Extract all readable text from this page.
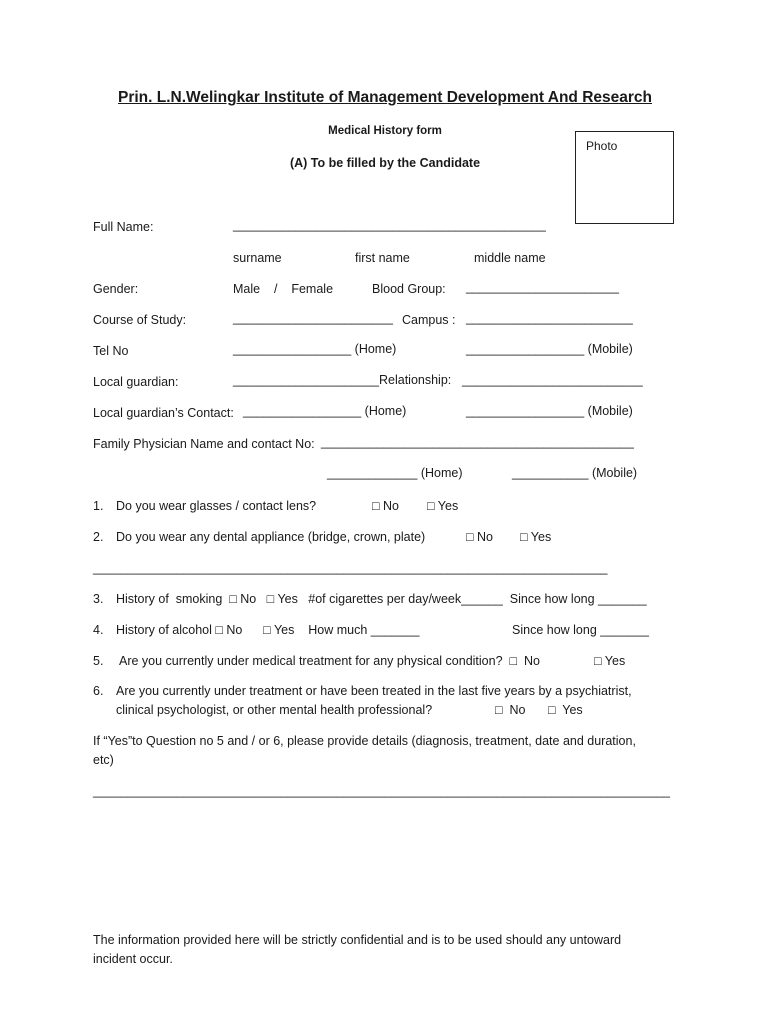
Prin. L.N.Welingkar Institute of Management Development And Research
Medical History form
(A) To be filled by the Candidate
Photo
Full Name:	_____________________________________________
surname	first name	middle name
Gender:	Male    /    Female	Blood Group: ______________________
Course of Study:	_______________________ Campus : ________________________
Tel No	_________________ (Home)	_________________ (Mobile)
Local guardian:	_____________________Relationship: __________________________
Local guardian’s Contact: _________________ (Home)	_________________ (Mobile)
Family Physician Name and contact No: _____________________________________________
_____________ (Home)	___________ (Mobile)
1. Do you wear glasses / contact lens?	□ No □ Yes
2. Do you wear any dental appliance (bridge, crown, plate)	□ No □ Yes
__________________________________________________________________________
3. History of  smoking  □ No   □ Yes   #of cigarettes per day/week______  Since how long _______
4. History of alcohol □ No      □ Yes    How much _______	Since how long _______
5. Are you currently under medical treatment for any physical condition?  □  No	□ Yes
6. Are you currently under treatment or have been treated in the last five years by a psychiatrist,
clinical psychologist, or other mental health professional?	□  No □  Yes
If “Yes”to Question no 5 and / or 6, please provide details (diagnosis, treatment, date and duration,
etc)
___________________________________________________________________________________
The information provided here will be strictly confidential and is to be used should any untoward
incident occur.
